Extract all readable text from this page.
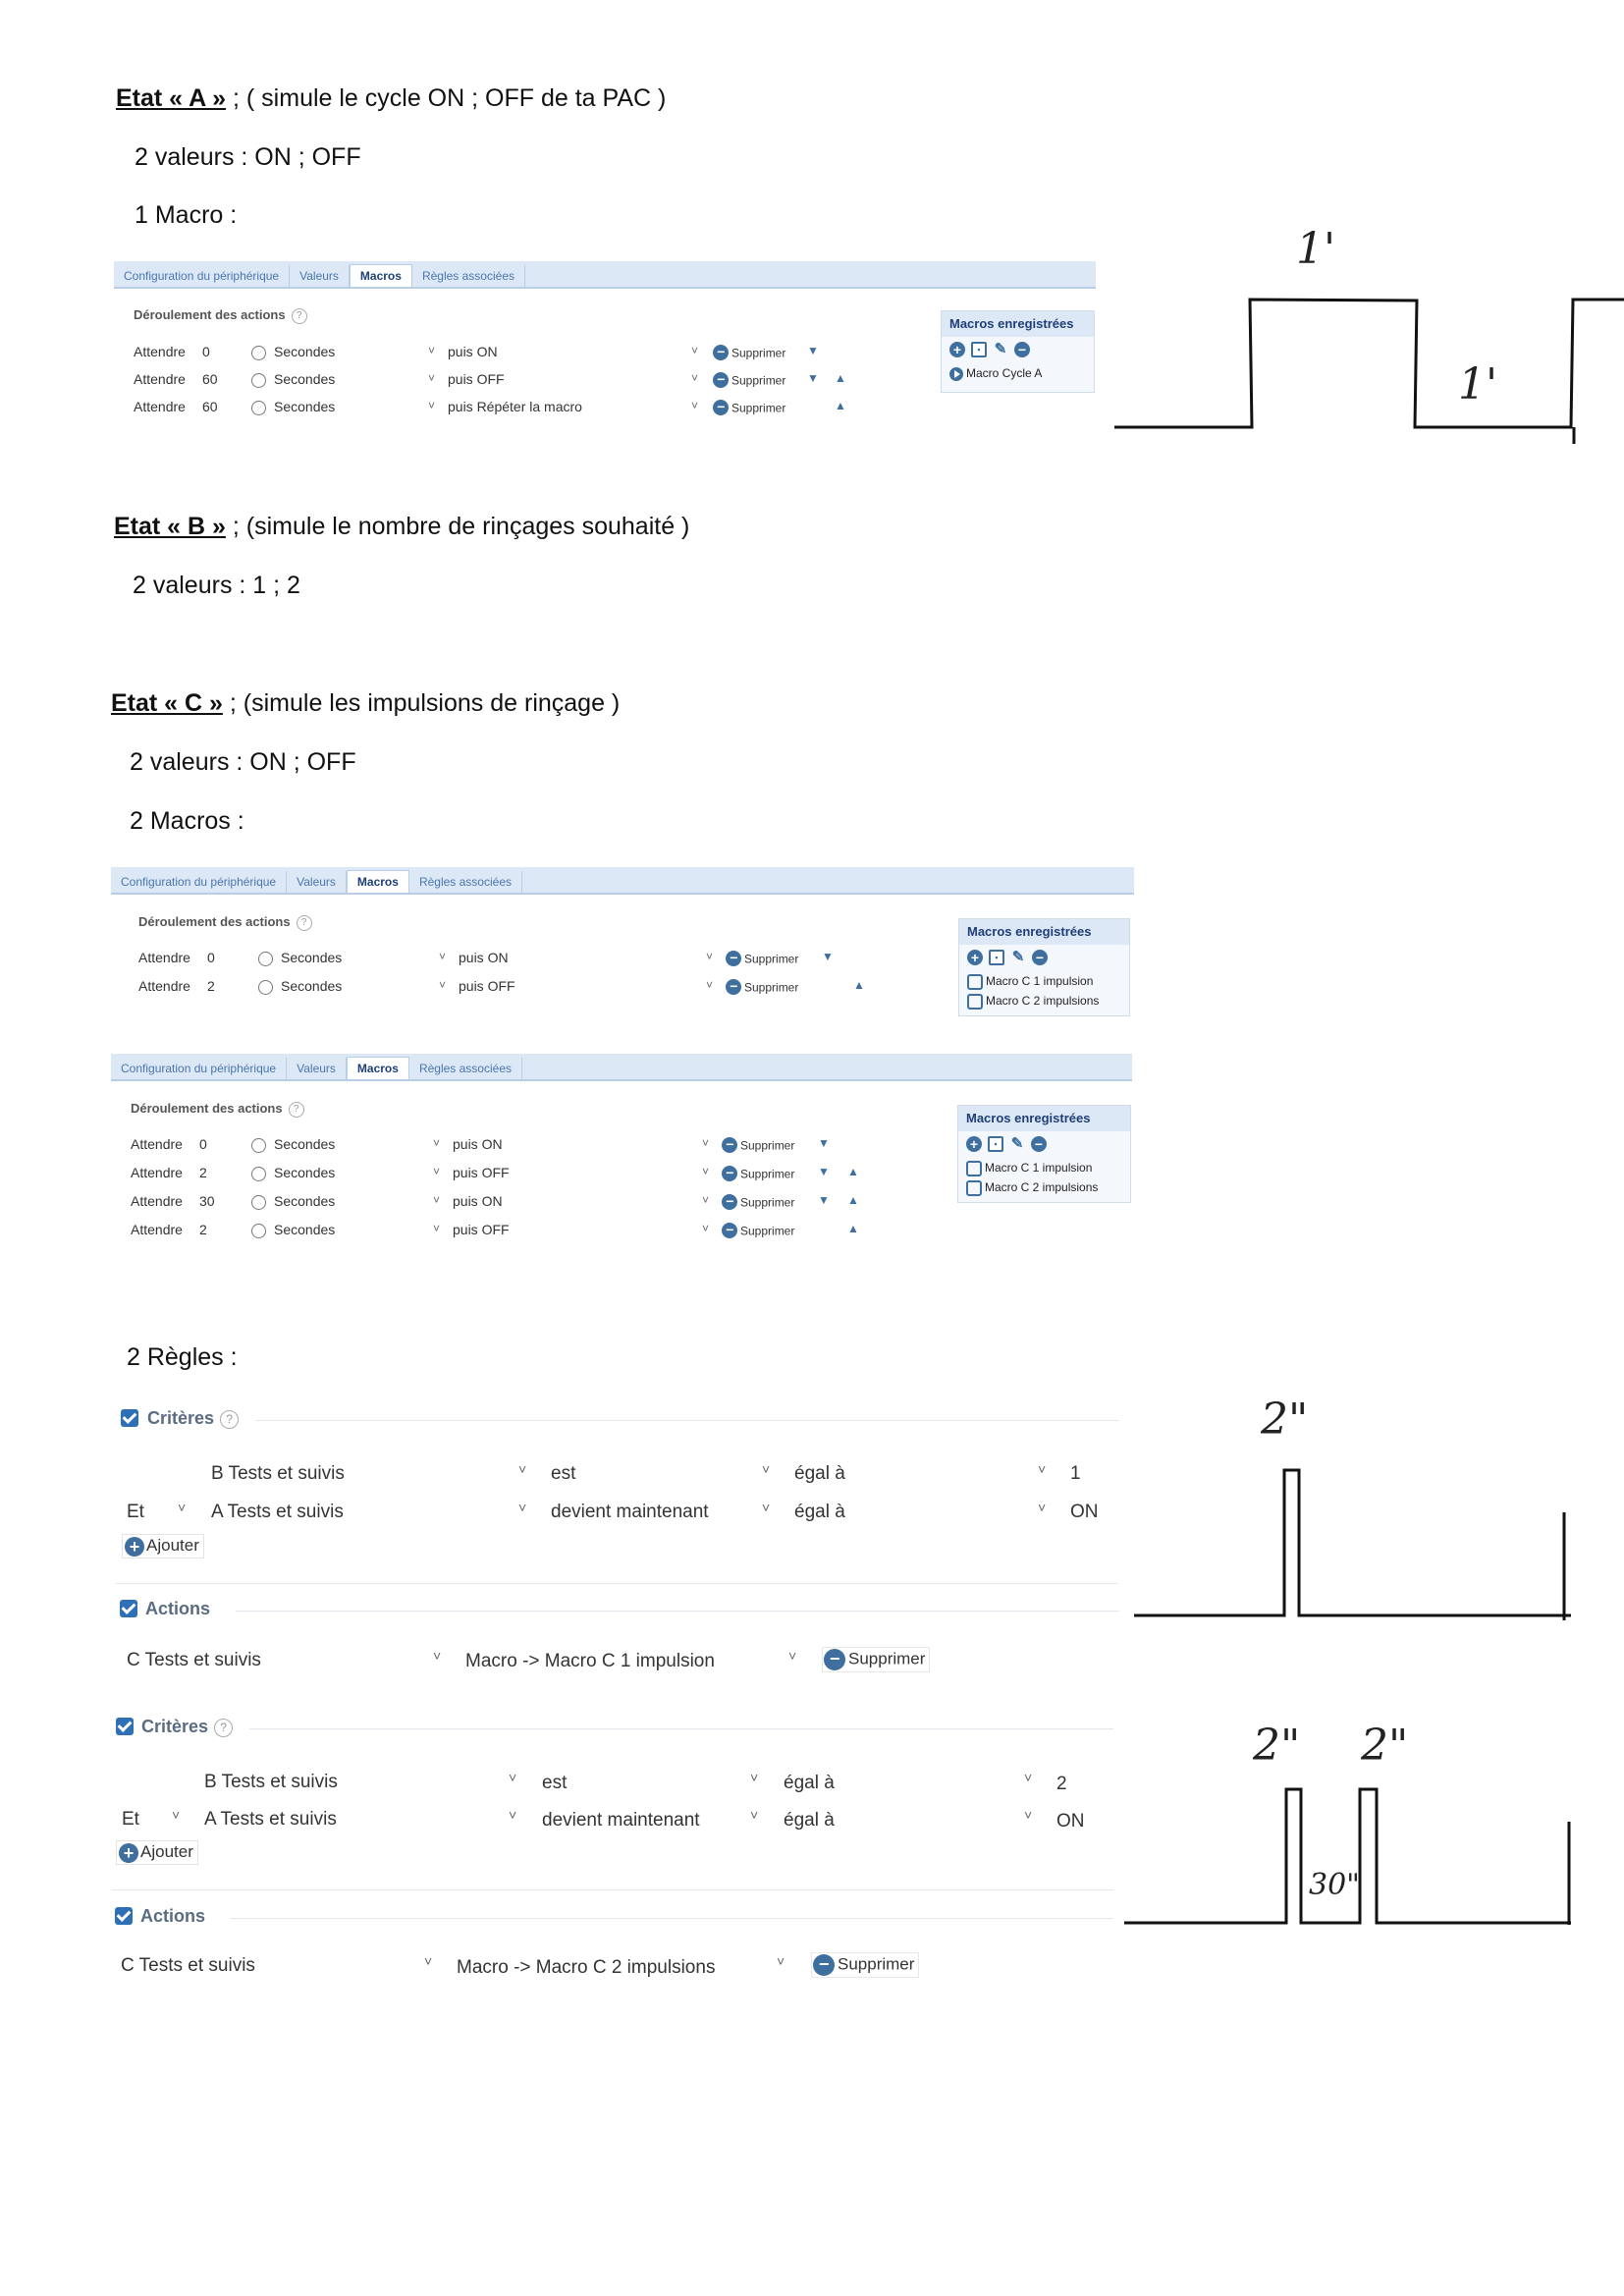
Etat « A » ; ( simule le cycle ON ; OFF de ta PAC )
2 valeurs : ON ; OFF
1 Macro :
Configuration du périphérique Valeurs Macros Règles associées
Déroulement des actions ?
Attendre 0	Secondes	˅ puis ON	˅ − Supprimer ▼
Attendre 60	Secondes	˅ puis OFF	˅ − Supprimer ▼ ▲
Attendre 60	Secondes	˅ puis Répéter la macro	˅ − Supprimer	▲
Macros enregistrées
+ ▪ ✎ −
Macro Cycle A
1'
1'
Etat « B » ; (simule le nombre de rinçages souhaité )
2 valeurs : 1 ; 2
Etat « C » ; (simule les impulsions de rinçage )
2 valeurs : ON ; OFF
2 Macros :
Configuration du périphérique Valeurs Macros Règles associées
Déroulement des actions ?
Attendre 0	Secondes	˅ puis ON	˅ − Supprimer ▼
Attendre 2	Secondes	˅ puis OFF	˅ − Supprimer	▲
Macros enregistrées
+ ▪ ✎ −
Macro C 1 impulsion
Macro C 2 impulsions
Configuration du périphérique Valeurs Macros Règles associées
Déroulement des actions ?
Attendre 0	Secondes	˅ puis ON	˅ − Supprimer ▼
Attendre 2	Secondes	˅ puis OFF	˅ − Supprimer ▼ ▲
Attendre 30	Secondes	˅ puis ON	˅ − Supprimer ▼ ▲
Attendre 2	Secondes	˅ puis OFF	˅ − Supprimer	▲
Macros enregistrées
+ ▪ ✎ −
Macro C 1 impulsion
Macro C 2 impulsions
2 Règles :
Critères ?
B Tests et suivis	˅ est	˅ égal à	˅ 1
Et ˅ A Tests et suivis	˅ devient maintenant	˅ égal à	˅ ON
+ Ajouter
Actions
C Tests et suivis	˅ Macro -> Macro C 1 impulsion	˅	− Supprimer
Critères ?
B Tests et suivis	˅ est	˅ égal à	˅ 2
Et ˅ A Tests et suivis	˅ devient maintenant	˅ égal à	˅ ON
+ Ajouter
Actions
C Tests et suivis	˅ Macro -> Macro C 2 impulsions	˅	− Supprimer
2"
2" 2"
30"
